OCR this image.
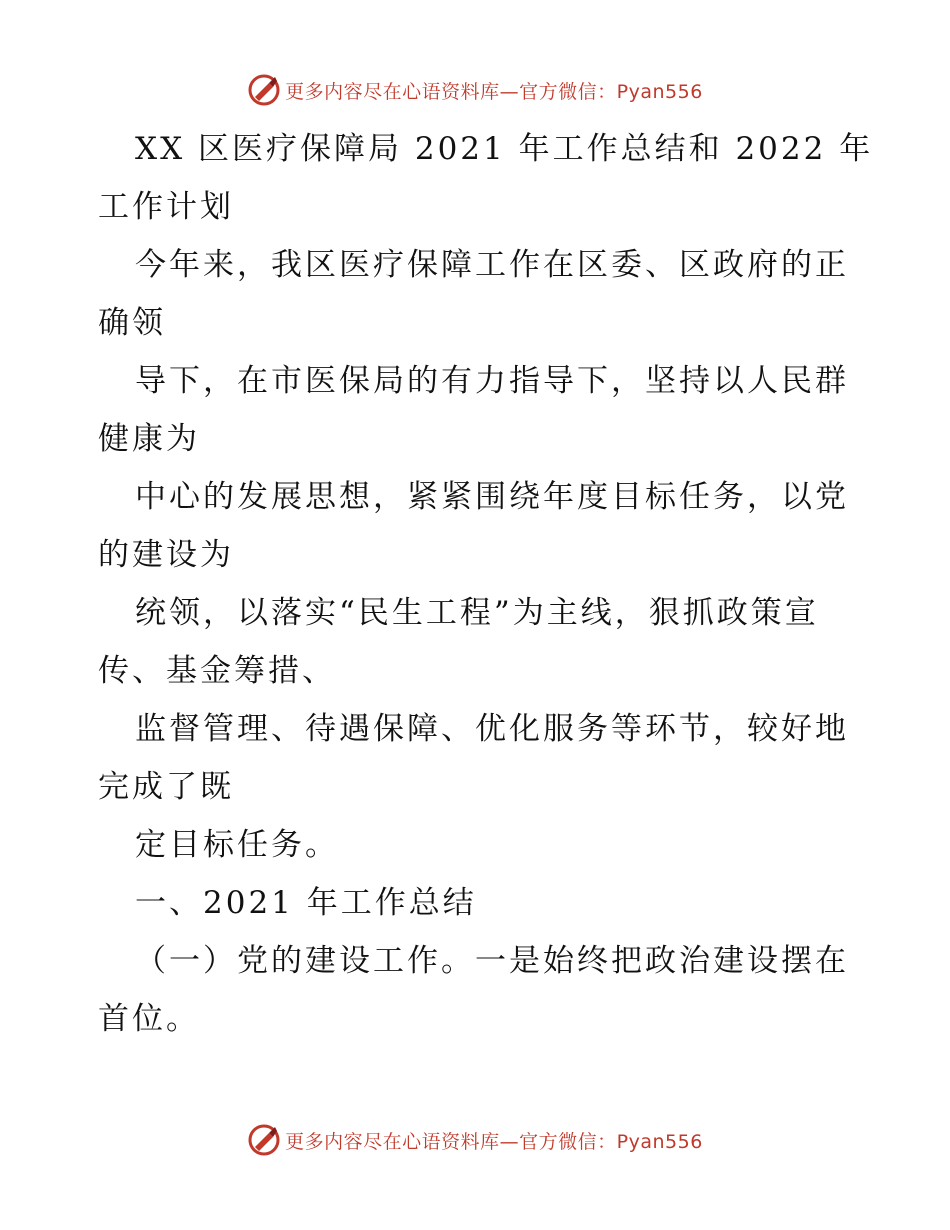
更多内容尽在心语资料库—官方微信：Pyan556
XX 区医疗保障局 2021 年工作总结和 2022 年
工作计划
今年来，我区医疗保障工作在区委、区政府的正
确领
导下，在市医保局的有力指导下，坚持以人民群
健康为
中心的发展思想，紧紧围绕年度目标任务，以党
的建设为
统领，以落实“民生工程”为主线，狠抓政策宣
传、基金筹措、
监督管理、待遇保障、优化服务等环节，较好地
完成了既
定目标任务。
一、2021 年工作总结
（一）党的建设工作。一是始终把政治建设摆在
首位。
更多内容尽在心语资料库—官方微信：Pyan556
